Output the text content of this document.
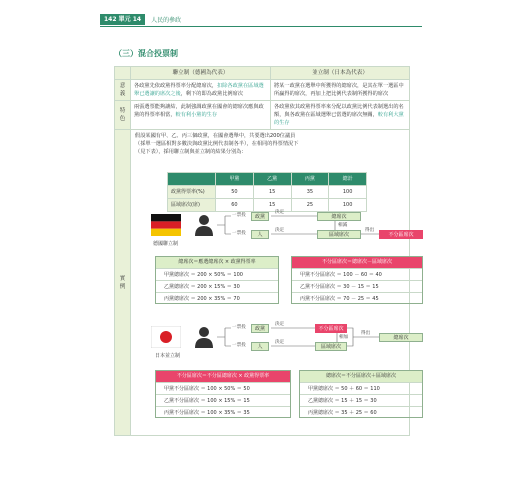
142 單元 14	人民的參政
（三）混合投票制
	聯立制（德國為代表）	並立制（日本為代表）
意義	各政黨先依政黨得票率分配總席次，扣除各政黨在區域選舉已選讓的席次之後，剩下的即為政黨比例席次	將某一政黨在選舉中所獲得的總席次，是其在單一選區中所贏得的席次，再加上把比例代表制所獲得的席次
特色	兩張選票能夠讓結，此制強調政黨在國會的總席次應與政黨的得票率相當，較有利小黨的生存	各政黨依其政黨得票率來分配以政黨比例代表制選出的名額，與各政黨在區域選舉已當選的席次無關，較有利大黨的生存
實例	
假設某國有甲、乙、丙三個政黨，在國會選舉中，共要選出200位議員（採單一選區相對多數決與政黨比例代表制各半），在相同的得票情況下（見下表），採用聯立制與並立制的結果分別為：
	甲黨	乙黨	丙黨	總計
政黨得票率(%)	50	15	35	100
區域席次(席)	60	15	25	100
德國聯立制
一票投	政黨
決定
總席次
相減
一票投	人
決定
區域席次
得出
不分區席次
總席次＝應選總席次 × 政黨得票率
甲黨總席次 ＝ 200 × 50% ＝ 100
乙黨總席次 ＝ 200 × 15% ＝ 30
丙黨總席次 ＝ 200 × 35% ＝ 70
不分區席次＝總席次－區域席次
甲黨不分區席次 ＝ 100 － 60 ＝ 40
乙黨不分區席次 ＝ 30 － 15 ＝ 15
丙黨不分區席次 ＝ 70 － 25 ＝ 45
日本並立制
一票投	政黨
決定
不分區席次
相加
得出
總席次
一票投	人
決定
區域席次
不分區席次＝不分區總席次 × 政黨得票率
甲黨不分區席次 ＝ 100 × 50% ＝ 50
乙黨不分區席次 ＝ 100 × 15% ＝ 15
丙黨不分區席次 ＝ 100 × 35% ＝ 35
總席次＝不分區席次＋區域席次
甲黨總席次 ＝ 50 ＋ 60 ＝ 110
乙黨總席次 ＝ 15 ＋ 15 ＝ 30
丙黨總席次 ＝ 35 ＋ 25 ＝ 60
